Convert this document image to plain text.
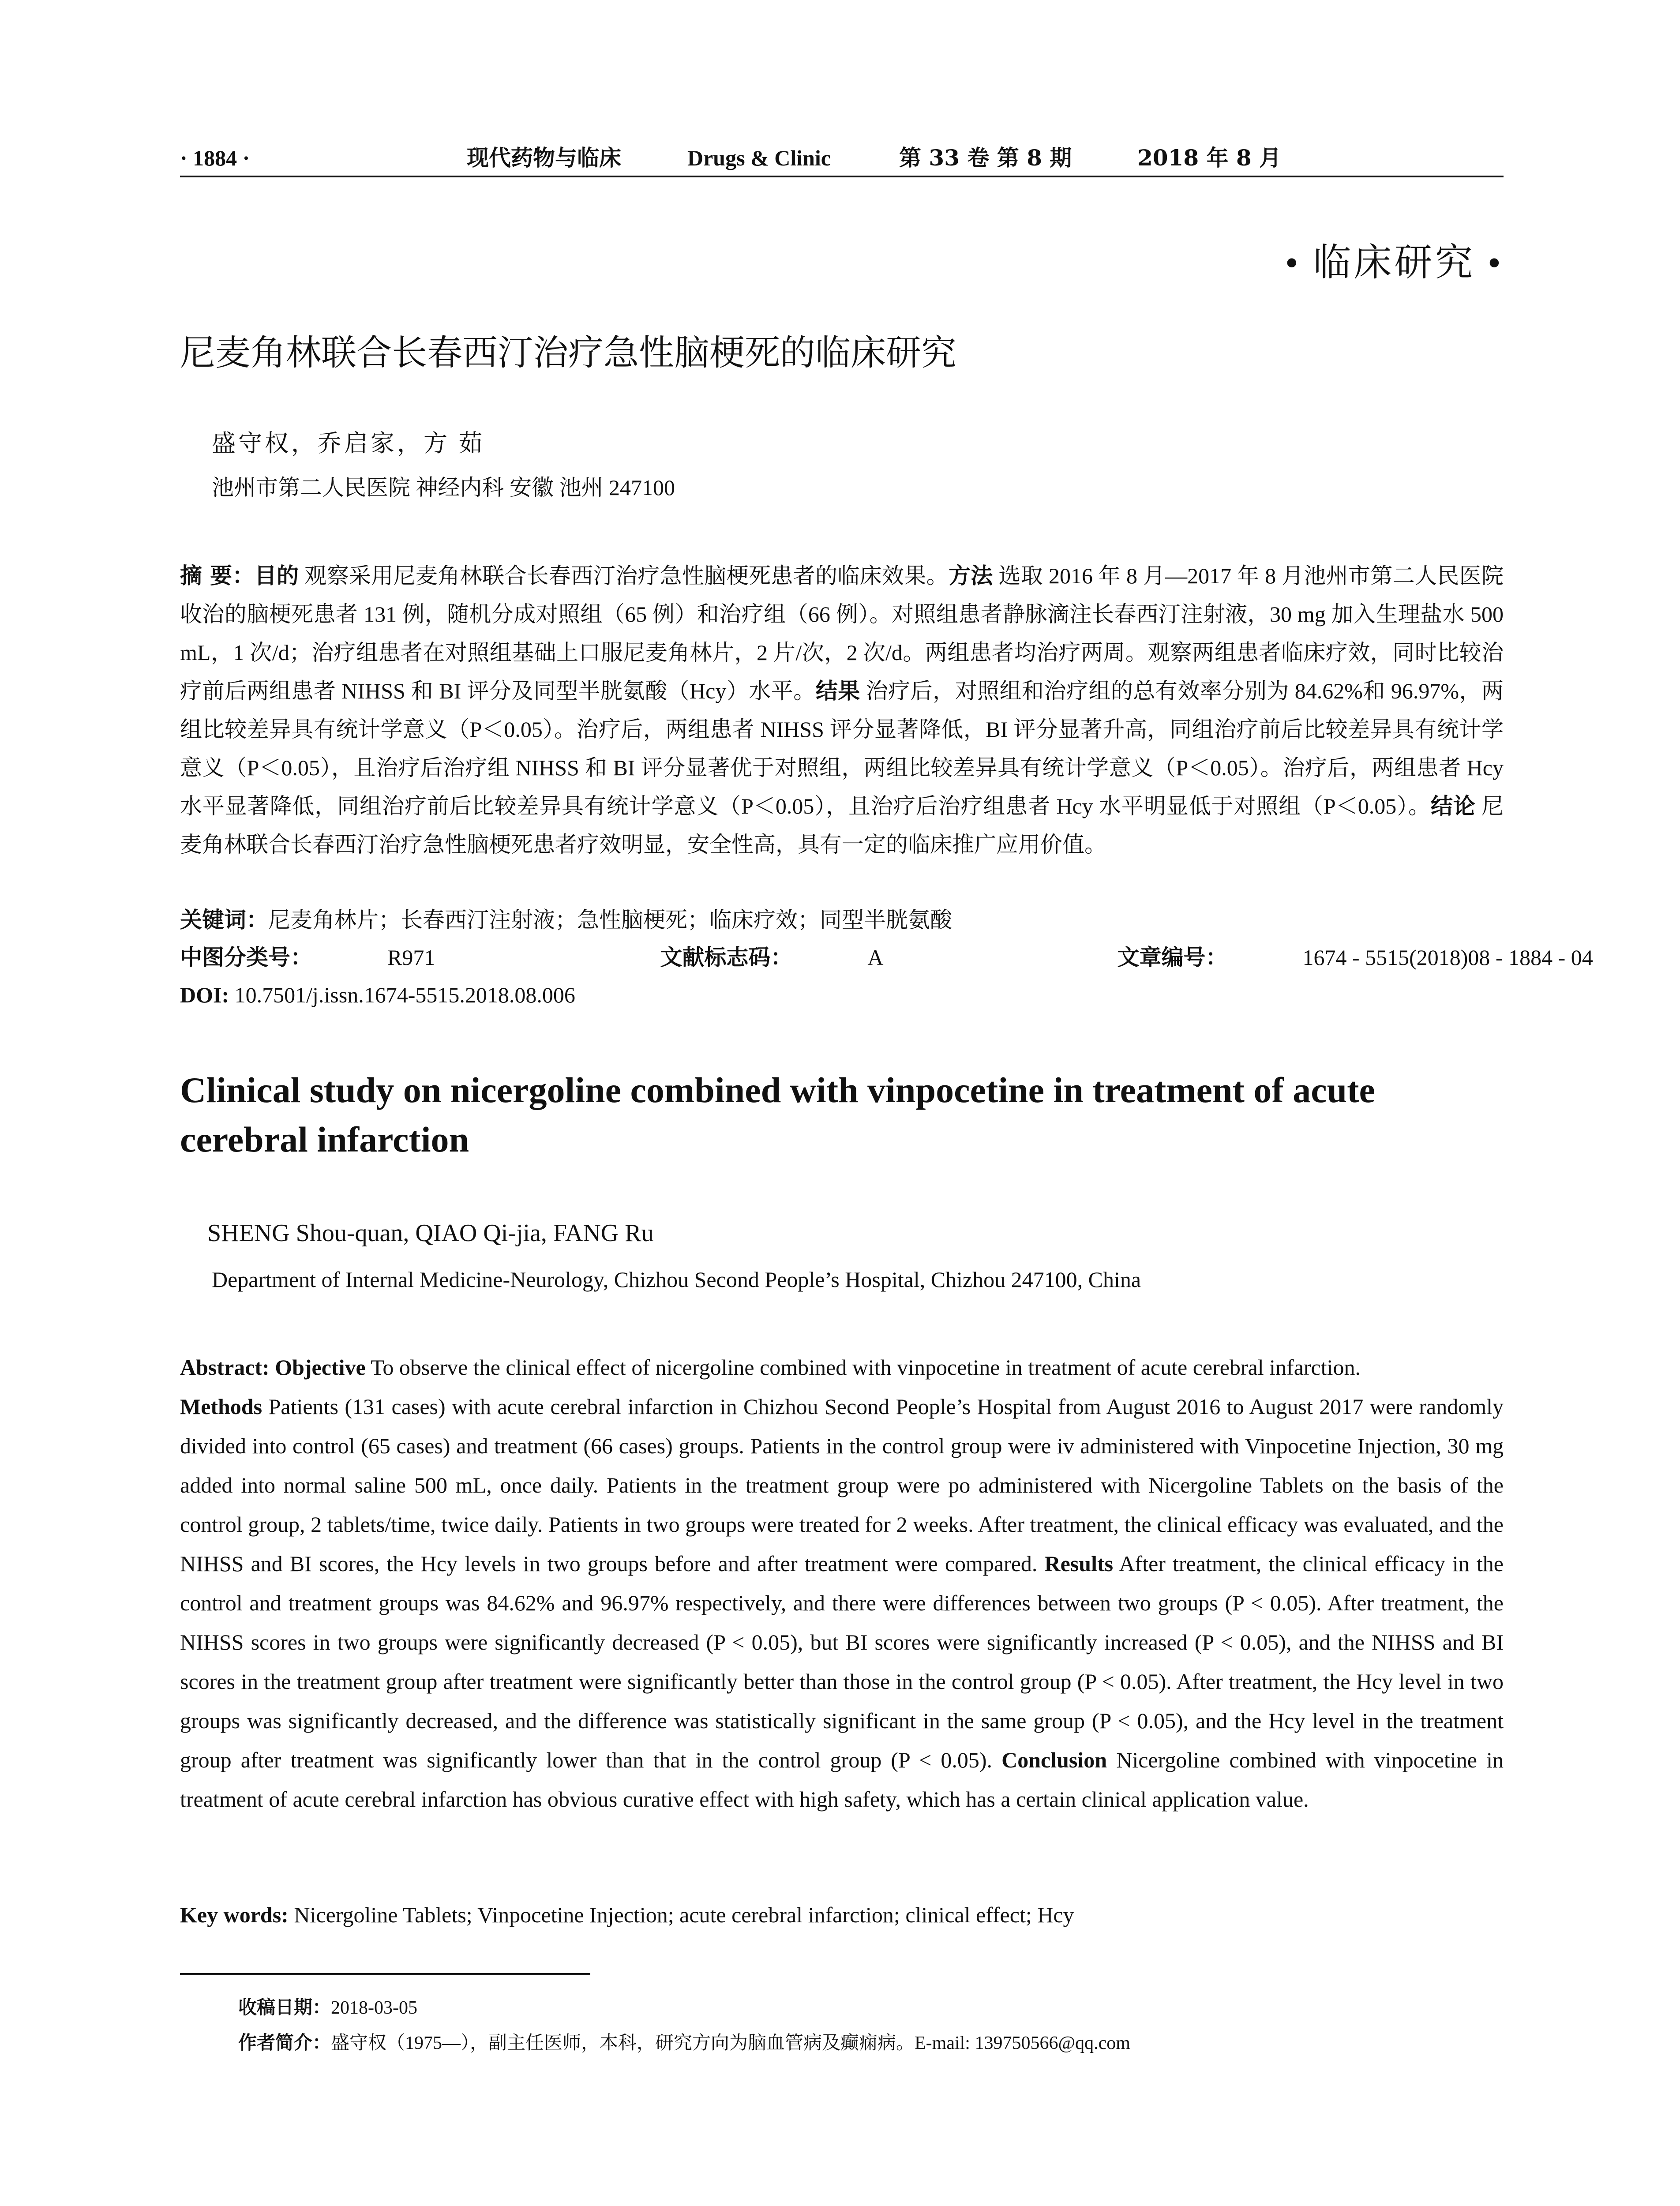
· 1884 ·	现代药物与临床	Drugs & Clinic	第 33 卷 第 8 期	2018 年 8 月
• 临床研究 •
尼麦角林联合长春西汀治疗急性脑梗死的临床研究
盛守权，乔启家，方 茹
池州市第二人民医院 神经内科 安徽 池州 247100
摘 要：目的 观察采用尼麦角林联合长春西汀治疗急性脑梗死患者的临床效果。方法 选取 2016 年 8 月—2017 年 8 月池州市第二人民医院收治的脑梗死患者 131 例，随机分成对照组（65 例）和治疗组（66 例）。对照组患者静脉滴注长春西汀注射液，30 mg 加入生理盐水 500 mL，1 次/d；治疗组患者在对照组基础上口服尼麦角林片，2 片/次，2 次/d。两组患者均治疗两周。观察两组患者临床疗效，同时比较治疗前后两组患者 NIHSS 和 BI 评分及同型半胱氨酸（Hcy）水平。结果 治疗后，对照组和治疗组的总有效率分别为 84.62%和 96.97%，两组比较差异具有统计学意义（P＜0.05）。治疗后，两组患者 NIHSS 评分显著降低，BI 评分显著升高，同组治疗前后比较差异具有统计学意义（P＜0.05），且治疗后治疗组 NIHSS 和 BI 评分显著优于对照组，两组比较差异具有统计学意义（P＜0.05）。治疗后，两组患者 Hcy 水平显著降低，同组治疗前后比较差异具有统计学意义（P＜0.05），且治疗后治疗组患者 Hcy 水平明显低于对照组（P＜0.05）。结论 尼麦角林联合长春西汀治疗急性脑梗死患者疗效明显，安全性高，具有一定的临床推广应用价值。
关键词：尼麦角林片；长春西汀注射液；急性脑梗死；临床疗效；同型半胱氨酸
中图分类号：	R971	文献标志码：	A	文章编号：	1674 - 5515(2018)08 - 1884 - 04
DOI: 10.7501/j.issn.1674-5515.2018.08.006
Clinical study on nicergoline combined with vinpocetine in treatment of acute cerebral infarction
SHENG Shou-quan, QIAO Qi-jia, FANG Ru
Department of Internal Medicine-Neurology, Chizhou Second People’s Hospital, Chizhou 247100, China
Abstract: Objective To observe the clinical effect of nicergoline combined with vinpocetine in treatment of acute cerebral infarction.
Methods Patients (131 cases) with acute cerebral infarction in Chizhou Second People’s Hospital from August 2016 to August 2017 were randomly divided into control (65 cases) and treatment (66 cases) groups. Patients in the control group were iv administered with Vinpocetine Injection, 30 mg added into normal saline 500 mL, once daily. Patients in the treatment group were po administered with Nicergoline Tablets on the basis of the control group, 2 tablets/time, twice daily. Patients in two groups were treated for 2 weeks. After treatment, the clinical efficacy was evaluated, and the NIHSS and BI scores, the Hcy levels in two groups before and after treatment were compared. Results After treatment, the clinical efficacy in the control and treatment groups was 84.62% and 96.97% respectively, and there were differences between two groups (P < 0.05). After treatment, the NIHSS scores in two groups were significantly decreased (P < 0.05), but BI scores were significantly increased (P < 0.05), and the NIHSS and BI scores in the treatment group after treatment were significantly better than those in the control group (P < 0.05). After treatment, the Hcy level in two groups was significantly decreased, and the difference was statistically significant in the same group (P < 0.05), and the Hcy level in the treatment group after treatment was significantly lower than that in the control group (P < 0.05). Conclusion Nicergoline combined with vinpocetine in treatment of acute cerebral infarction has obvious curative effect with high safety, which has a certain clinical application value.
Key words: Nicergoline Tablets; Vinpocetine Injection; acute cerebral infarction; clinical effect; Hcy
收稿日期：2018-03-05
作者简介：盛守权（1975—），副主任医师，本科，研究方向为脑血管病及癫痫病。E-mail: 139750566@qq.com
